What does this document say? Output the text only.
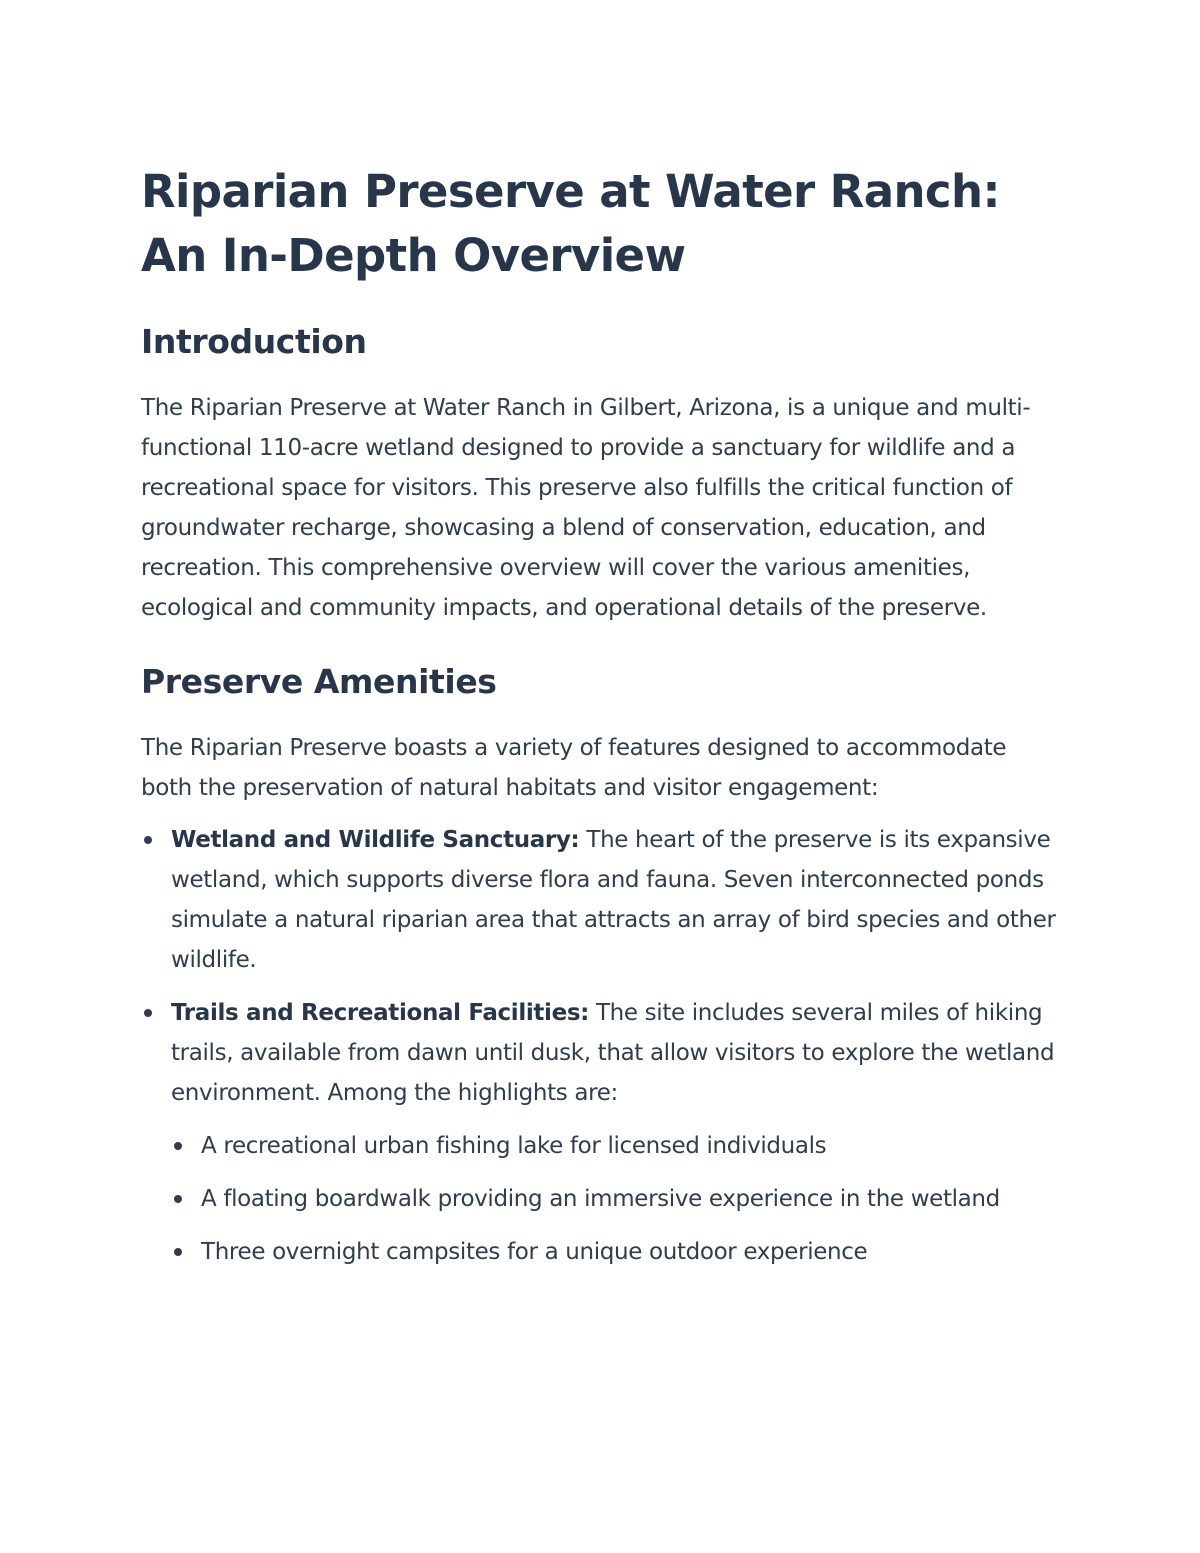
Riparian Preserve at Water Ranch: An In-Depth Overview
Introduction

The Riparian Preserve at Water Ranch in Gilbert, Arizona, is a unique and multi-functional 110-acre wetland designed to provide a sanctuary for wildlife and a recreational space for visitors. This preserve also fulfills the critical function of groundwater recharge, showcasing a blend of conservation, education, and recreation. This comprehensive overview will cover the various amenities, ecological and community impacts, and operational details of the preserve.

Preserve Amenities

The Riparian Preserve boasts a variety of features designed to accommodate both the preservation of natural habitats and visitor engagement:

Wetland and Wildlife Sanctuary: The heart of the preserve is its expansive wetland, which supports diverse flora and fauna. Seven interconnected ponds simulate a natural riparian area that attracts an array of bird species and other wildlife.
Trails and Recreational Facilities: The site includes several miles of hiking trails, available from dawn until dusk, that allow visitors to explore the wetland environment. Among the highlights are:
A recreational urban fishing lake for licensed individuals
A floating boardwalk providing an immersive experience in the wetland
Three overnight campsites for a unique outdoor experience
